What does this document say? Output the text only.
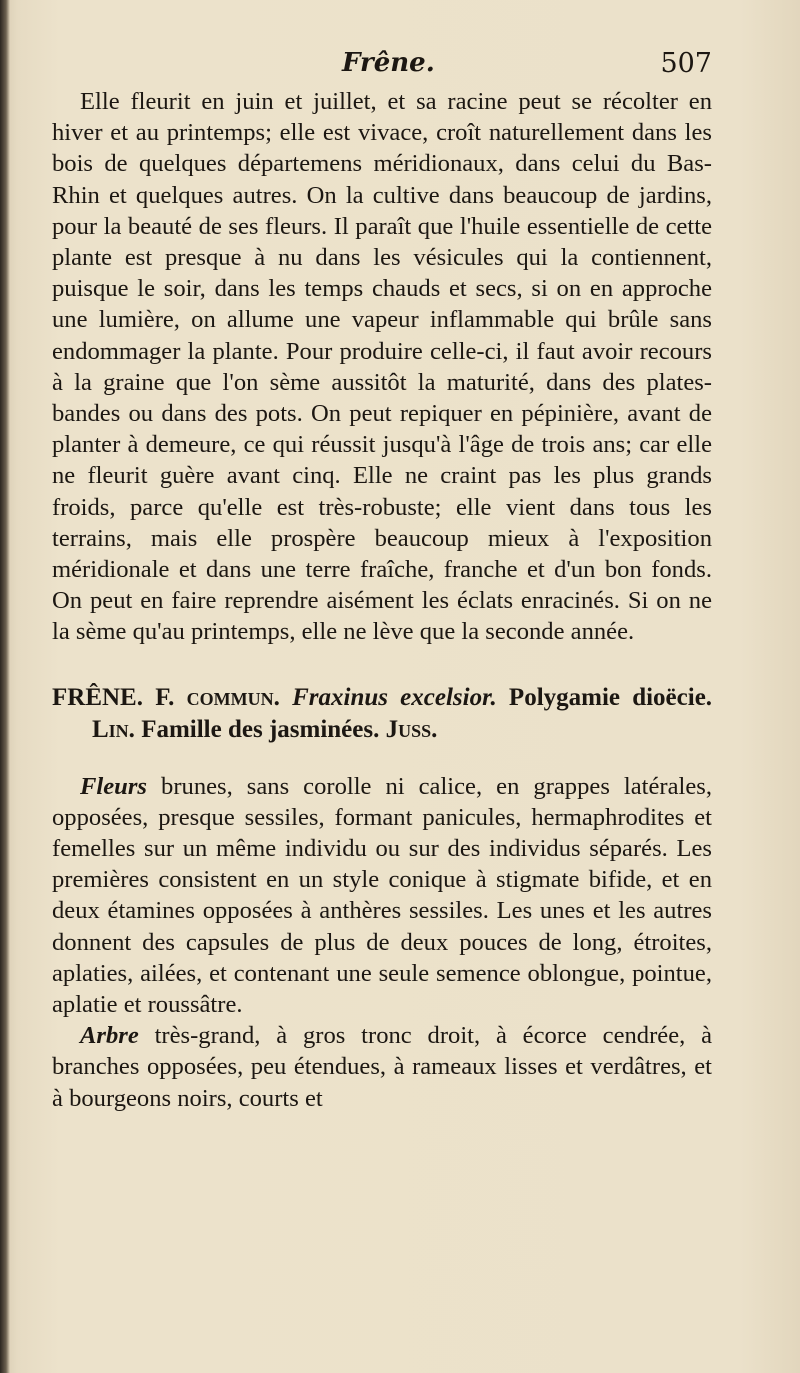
Frêne.	507

Elle fleurit en juin et juillet, et sa racine peut se récolter en hiver et au printemps; elle est vivace, croît naturellement dans les bois de quelques départemens méridionaux, dans celui du Bas-Rhin et quelques autres. On la cultive dans beaucoup de jardins, pour la beauté de ses fleurs. Il paraît que l'huile essentielle de cette plante est presque à nu dans les vésicules qui la contiennent, puisque le soir, dans les temps chauds et secs, si on en approche une lumière, on allume une vapeur inflammable qui brûle sans endommager la plante. Pour produire celle-ci, il faut avoir recours à la graine que l'on sème aussitôt la maturité, dans des plates-bandes ou dans des pots. On peut repiquer en pépinière, avant de planter à demeure, ce qui réussit jusqu'à l'âge de trois ans; car elle ne fleurit guère avant cinq. Elle ne craint pas les plus grands froids, parce qu'elle est très-robuste; elle vient dans tous les terrains, mais elle prospère beaucoup mieux à l'exposition méridionale et dans une terre fraîche, franche et d'un bon fonds. On peut en faire reprendre aisément les éclats enracinés. Si on ne la sème qu'au printemps, elle ne lève que la seconde année.

FRÊNE. F. commun. Fraxinus excelsior. Polygamie dioëcie. Lin. Famille des jasminées. Juss.

Fleurs brunes, sans corolle ni calice, en grappes latérales, opposées, presque sessiles, formant panicules, hermaphrodites et femelles sur un même individu ou sur des individus séparés. Les premières consistent en un style conique à stigmate bifide, et en deux étamines opposées à anthères sessiles. Les unes et les autres donnent des capsules de plus de deux pouces de long, étroites, aplaties, ailées, et contenant une seule semence oblongue, pointue, aplatie et roussâtre.

Arbre très-grand, à gros tronc droit, à écorce cendrée, à branches opposées, peu étendues, à rameaux lisses et verdâtres, et à bourgeons noirs, courts et
